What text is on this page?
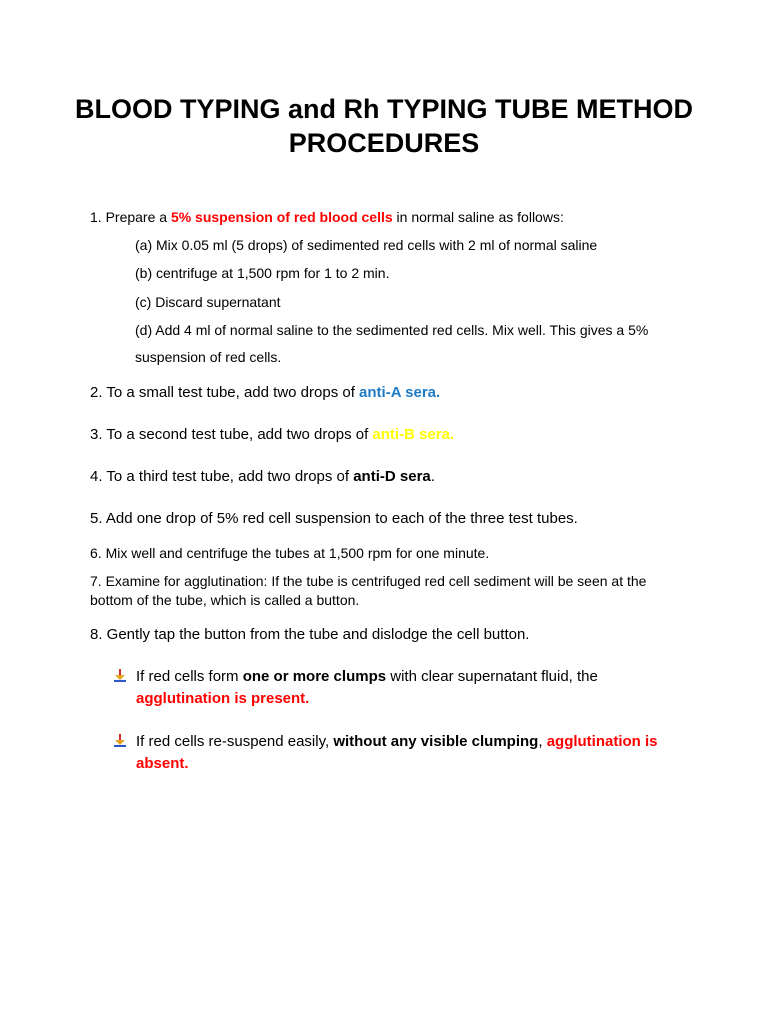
BLOOD TYPING and Rh TYPING TUBE METHOD
PROCEDURES
1. Prepare a 5% suspension of red blood cells in normal saline as follows:
(a) Mix 0.05 ml (5 drops) of sedimented red cells with 2 ml of normal saline
(b) centrifuge at 1,500 rpm for 1 to 2 min.
(c) Discard supernatant
(d) Add 4 ml of normal saline to the sedimented red cells. Mix well. This gives a 5%
suspension of red cells.
2. To a small test tube, add two drops of anti-A sera.
3. To a second test tube, add two drops of anti-B sera.
4. To a third test tube, add two drops of anti-D sera.
5. Add one drop of 5% red cell suspension to each of the three test tubes.
6. Mix well and centrifuge the tubes at 1,500 rpm for one minute.
7. Examine for agglutination: If the tube is centrifuged red cell sediment will be seen at the
bottom of the tube, which is called a button.
8. Gently tap the button from the tube and dislodge the cell button.
If red cells form one or more clumps with clear supernatant fluid, the
agglutination is present.
If red cells re-suspend easily, without any visible clumping, agglutination is
absent.
